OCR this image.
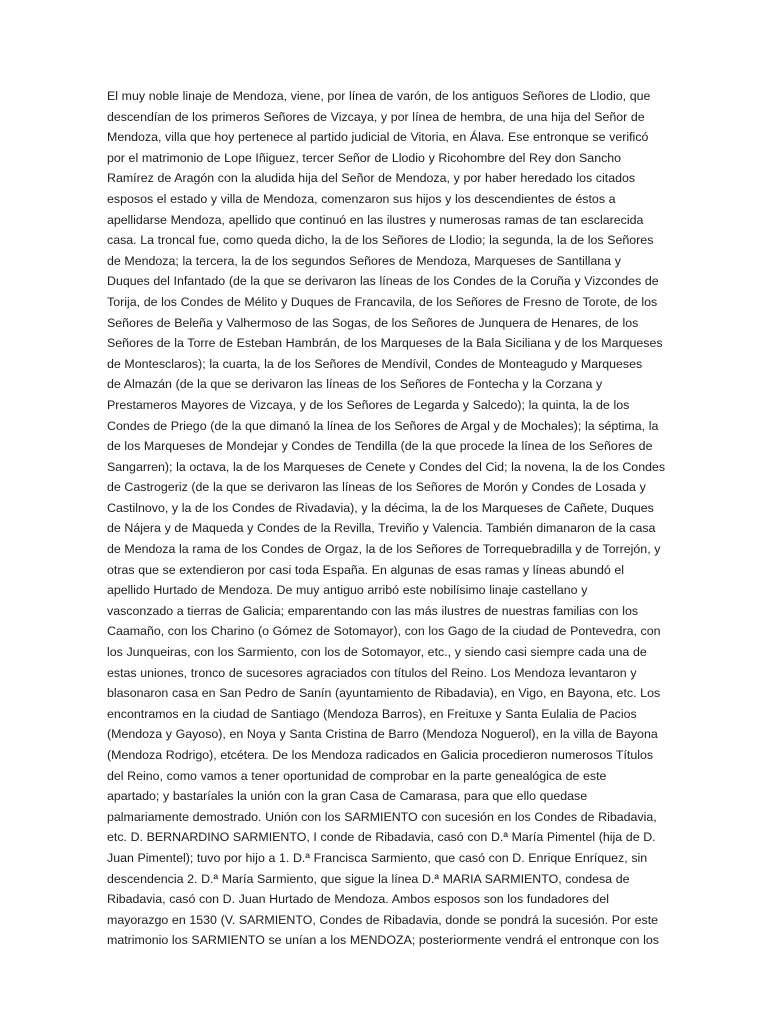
El muy noble linaje de Mendoza, viene, por línea de varón, de los antiguos Señores de Llodio, que
descendían de los primeros Señores de Vizcaya, y por línea de hembra, de una hija del Señor de
Mendoza, villa que hoy pertenece al partido judicial de Vitoria, en Álava. Ese entronque se verificó
por el matrimonio de Lope Iñiguez, tercer Señor de Llodio y Ricohombre del Rey don Sancho
Ramírez de Aragón con la aludida hija del Señor de Mendoza, y por haber heredado los citados
esposos el estado y villa de Mendoza, comenzaron sus hijos y los descendientes de éstos a
apellidarse Mendoza, apellido que continuó en las ilustres y numerosas ramas de tan esclarecida
casa. La troncal fue, como queda dicho, la de los Señores de Llodio; la segunda, la de los Señores
de Mendoza; la tercera, la de los segundos Señores de Mendoza, Marqueses de Santillana y
Duques del Infantado (de la que se derivaron las líneas de los Condes de la Coruña y Vizcondes de
Torija, de los Condes de Mélito y Duques de Francavila, de los Señores de Fresno de Torote, de los
Señores de Beleña y Valhermoso de las Sogas, de los Señores de Junquera de Henares, de los
Señores de la Torre de Esteban Hambrán, de los Marqueses de la Bala Siciliana y de los Marqueses
de Montesclaros); la cuarta, la de los Señores de Mendívil, Condes de Monteagudo y Marqueses
de Almazán (de la que se derivaron las líneas de los Señores de Fontecha y la Corzana y
Prestameros Mayores de Vizcaya, y de los Señores de Legarda y Salcedo); la quinta, la de los
Condes de Priego (de la que dimanó la línea de los Señores de Argal y de Mochales); la séptima, la
de los Marqueses de Mondejar y Condes de Tendilla (de la que procede la línea de los Señores de
Sangarren); la octava, la de los Marqueses de Cenete y Condes del Cid; la novena, la de los Condes
de Castrogeriz (de la que se derivaron las líneas de los Señores de Morón y Condes de Losada y
Castilnovo, y la de los Condes de Rivadavia), y la décima, la de los Marqueses de Cañete, Duques
de Nájera y de Maqueda y Condes de la Revilla, Treviño y Valencia. También dimanaron de la casa
de Mendoza la rama de los Condes de Orgaz, la de los Señores de Torrequebradilla y de Torrejón, y
otras que se extendieron por casi toda España. En algunas de esas ramas y líneas abundó el
apellido Hurtado de Mendoza. De muy antiguo arribó este nobilísimo linaje castellano y
vasconzado a tierras de Galicia; emparentando con las más ilustres de nuestras familias con los
Caamaño, con los Charino (o Gómez de Sotomayor), con los Gago de la ciudad de Pontevedra, con
los Junqueiras, con los Sarmiento, con los de Sotomayor, etc., y siendo casi siempre cada una de
estas uniones, tronco de sucesores agraciados con títulos del Reino. Los Mendoza levantaron y
blasonaron casa en San Pedro de Sanín (ayuntamiento de Ribadavia), en Vigo, en Bayona, etc. Los
encontramos en la ciudad de Santiago (Mendoza Barros), en Freituxe y Santa Eulalia de Pacios
(Mendoza y Gayoso), en Noya y Santa Cristina de Barro (Mendoza Noguerol), en la villa de Bayona
(Mendoza Rodrigo), etcétera. De los Mendoza radicados en Galicia procedieron numerosos Títulos
del Reino, como vamos a tener oportunidad de comprobar en la parte genealógica de este
apartado; y bastaríales la unión con la gran Casa de Camarasa, para que ello quedase
palmariamente demostrado. Unión con los SARMIENTO con sucesión en los Condes de Ribadavia,
etc. D. BERNARDINO SARMIENTO, I conde de Ribadavia, casó con D.ª María Pimentel (hija de D.
Juan Pimentel); tuvo por hijo a 1. D.ª Francisca Sarmiento, que casó con D. Enrique Enríquez, sin
descendencia 2. D.ª María Sarmiento, que sigue la línea D.ª MARIA SARMIENTO, condesa de
Ribadavia, casó con D. Juan Hurtado de Mendoza. Ambos esposos son los fundadores del
mayorazgo en 1530 (V. SARMIENTO, Condes de Ribadavia, donde se pondrá la sucesión. Por este
matrimonio los SARMIENTO se unían a los MENDOZA; posteriormente vendrá el entronque con los
